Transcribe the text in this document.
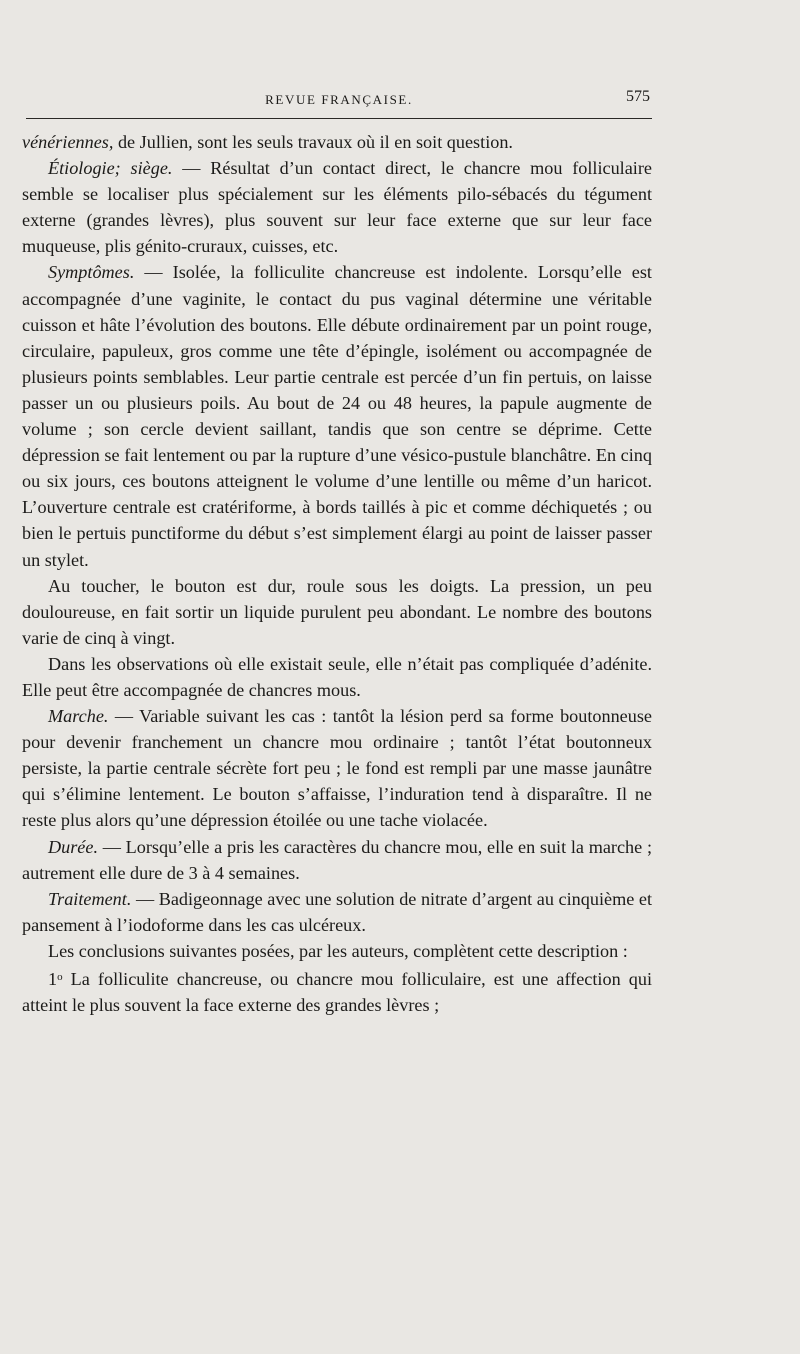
REVUE FRANÇAISE.	575

vénériennes, de Jullien, sont les seuls travaux où il en soit question.

Étiologie; siège. — Résultat d’un contact direct, le chancre mou folliculaire semble se localiser plus spécialement sur les éléments pilo-sébacés du tégument externe (grandes lèvres), plus souvent sur leur face externe que sur leur face muqueuse, plis génito-cruraux, cuisses, etc.

Symptômes. — Isolée, la folliculite chancreuse est indolente. Lorsqu’elle est accompagnée d’une vaginite, le contact du pus vaginal détermine une véritable cuisson et hâte l’évolution des boutons. Elle débute ordinairement par un point rouge, circulaire, papuleux, gros comme une tête d’épingle, isolément ou accompagnée de plusieurs points semblables. Leur partie centrale est percée d’un fin pertuis, on laisse passer un ou plusieurs poils. Au bout de 24 ou 48 heures, la papule augmente de volume ; son cercle devient saillant, tandis que son centre se déprime. Cette dépression se fait lentement ou par la rupture d’une vésico-pustule blanchâtre. En cinq ou six jours, ces boutons atteignent le volume d’une lentille ou même d’un haricot. L’ouverture centrale est cratériforme, à bords taillés à pic et comme déchiquetés ; ou bien le pertuis punctiforme du début s’est simplement élargi au point de laisser passer un stylet.

Au toucher, le bouton est dur, roule sous les doigts. La pression, un peu douloureuse, en fait sortir un liquide purulent peu abondant. Le nombre des boutons varie de cinq à vingt.

Dans les observations où elle existait seule, elle n’était pas compliquée d’adénite. Elle peut être accompagnée de chancres mous.

Marche. — Variable suivant les cas : tantôt la lésion perd sa forme boutonneuse pour devenir franchement un chancre mou ordinaire ; tantôt l’état boutonneux persiste, la partie centrale sécrète fort peu ; le fond est rempli par une masse jaunâtre qui s’élimine lentement. Le bouton s’affaisse, l’induration tend à disparaître. Il ne reste plus alors qu’une dépression étoilée ou une tache violacée.

Durée. — Lorsqu’elle a pris les caractères du chancre mou, elle en suit la marche ; autrement elle dure de 3 à 4 semaines.

Traitement. — Badigeonnage avec une solution de nitrate d’argent au cinquième et pansement à l’iodoforme dans les cas ulcéreux.

Les conclusions suivantes posées, par les auteurs, complètent cette description :

1$^o$ La folliculite chancreuse, ou chancre mou folliculaire, est une affection qui atteint le plus souvent la face externe des grandes lèvres ;
